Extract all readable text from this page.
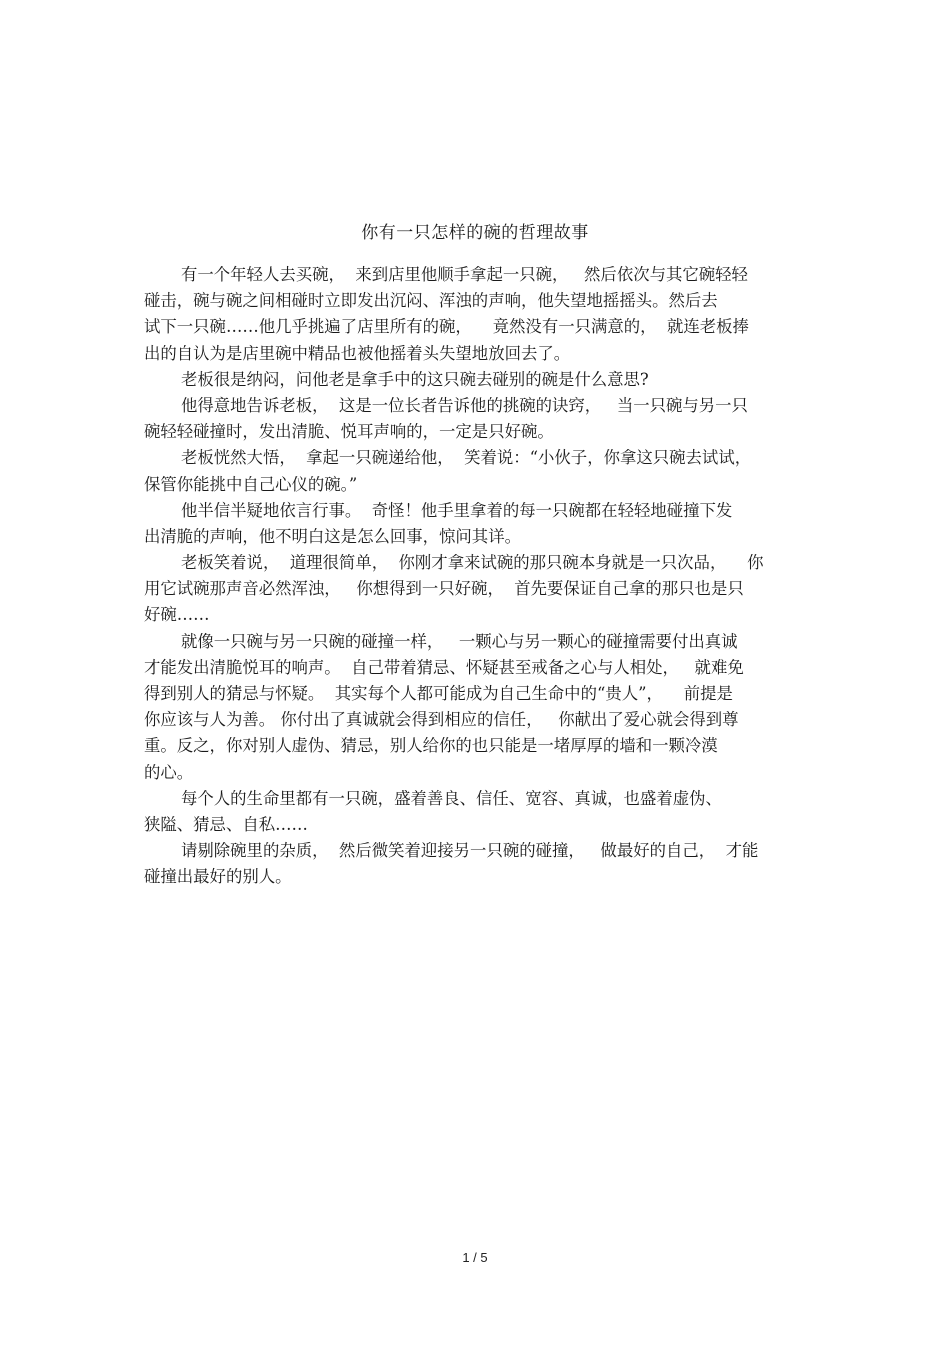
你有一只怎样的碗的哲理故事
有一个年轻人去买碗，  来到店里他顺手拿起一只碗，   然后依次与其它碗轻轻
碰击，碗与碗之间相碰时立即发出沉闷、浑浊的声响，他失望地摇摇头。然后去
试下一只碗……他几乎挑遍了店里所有的碗，    竟然没有一只满意的，  就连老板捧
出的自认为是店里碗中精品也被他摇着头失望地放回去了。
老板很是纳闷，问他老是拿手中的这只碗去碰别的碗是什么意思?
他得意地告诉老板，  这是一位长者告诉他的挑碗的诀窍，   当一只碗与另一只
碗轻轻碰撞时，发出清脆、悦耳声响的，一定是只好碗。
老板恍然大悟，  拿起一只碗递给他，  笑着说：“小伙子，你拿这只碗去试试，
保管你能挑中自己心仪的碗。”
他半信半疑地依言行事。  奇怪！他手里拿着的每一只碗都在轻轻地碰撞下发
出清脆的声响，他不明白这是怎么回事，惊问其详。
老板笑着说，  道理很简单，  你刚才拿来试碗的那只碗本身就是一只次品，    你
用它试碗那声音必然浑浊，   你想得到一只好碗，  首先要保证自己拿的那只也是只
好碗……
就像一只碗与另一只碗的碰撞一样，   一颗心与另一颗心的碰撞需要付出真诚
才能发出清脆悦耳的响声。  自己带着猜忌、怀疑甚至戒备之心与人相处，   就难免
得到别人的猜忌与怀疑。  其实每个人都可能成为自己生命中的“贵人”，    前提是
你应该与人为善。 你付出了真诚就会得到相应的信任，   你献出了爱心就会得到尊
重。反之，你对别人虚伪、猜忌，别人给你的也只能是一堵厚厚的墙和一颗冷漠
的心。
每个人的生命里都有一只碗，盛着善良、信任、宽容、真诚，也盛着虚伪、
狭隘、猜忌、自私……
请剔除碗里的杂质，  然后微笑着迎接另一只碗的碰撞，   做最好的自己，  才能
碰撞出最好的别人。
1 / 5
